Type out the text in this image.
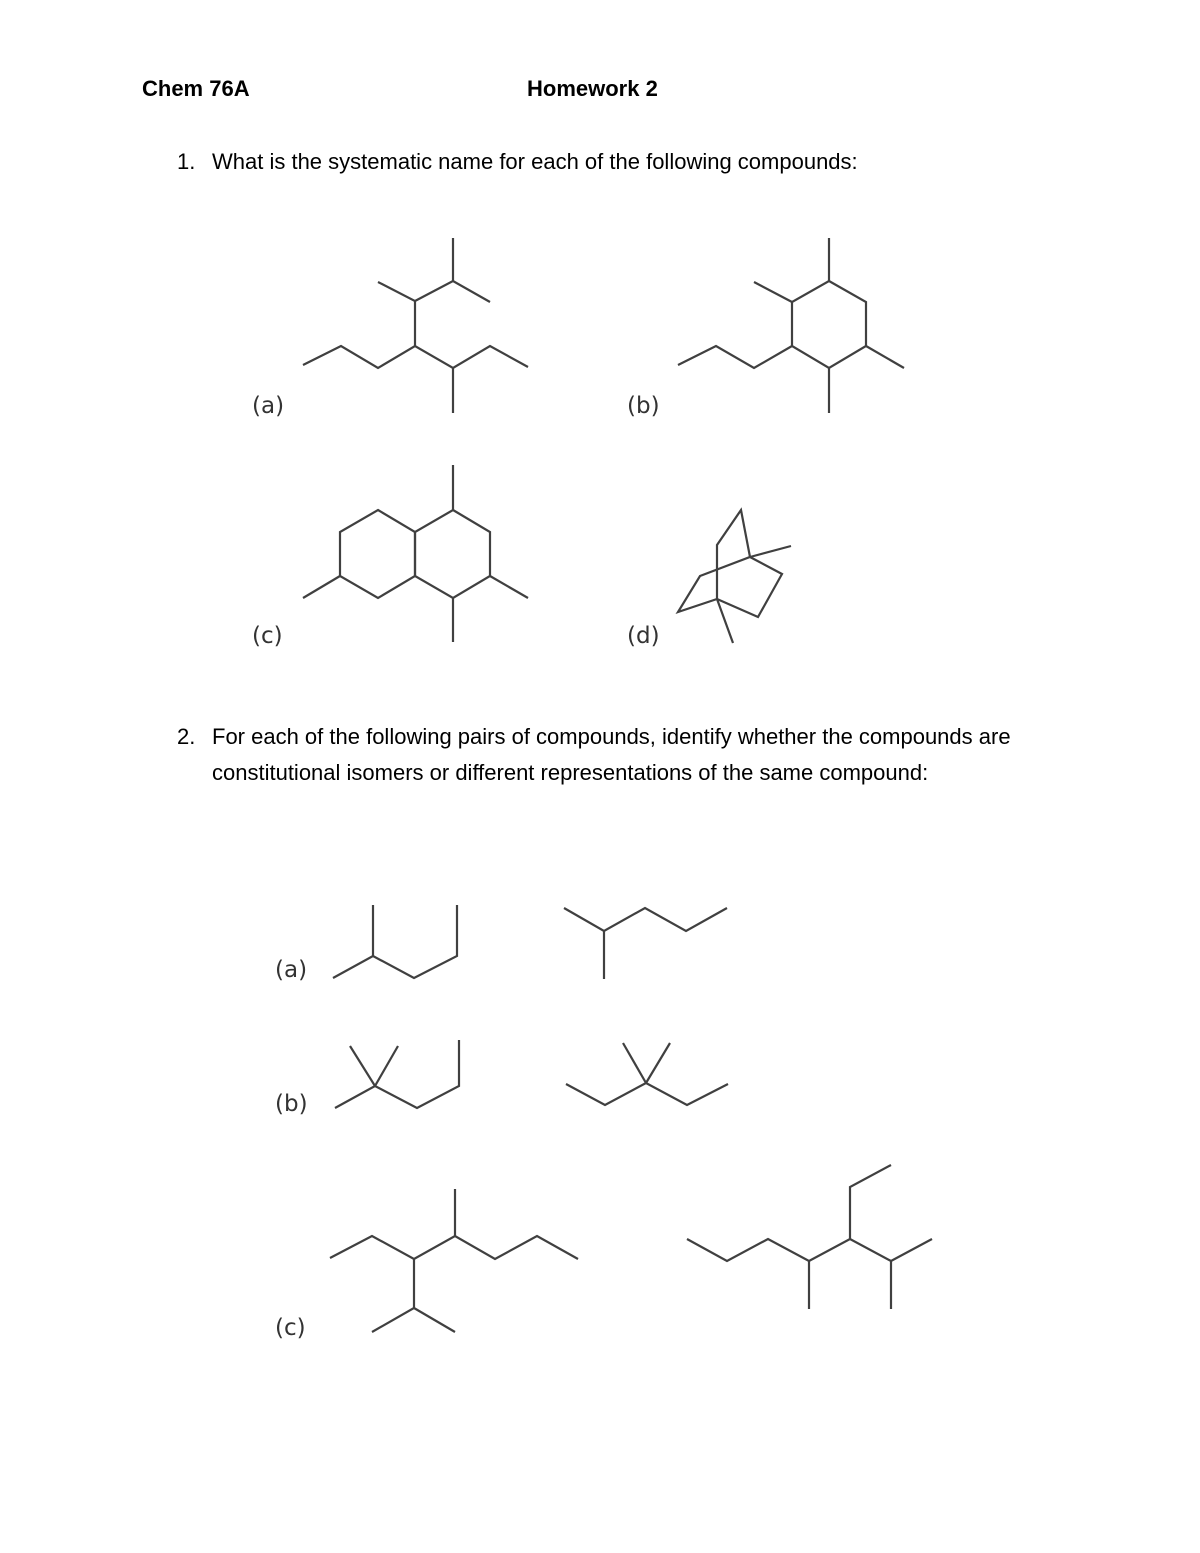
Chem 76A	Homework 2
1. What is the systematic name for each of the following compounds:
2. For each of the following pairs of compounds, identify whether the compounds are constitutional isomers or different representations of the same compound:
(a)	(b)
(c)	(d)
(a)
(b)
(c)
